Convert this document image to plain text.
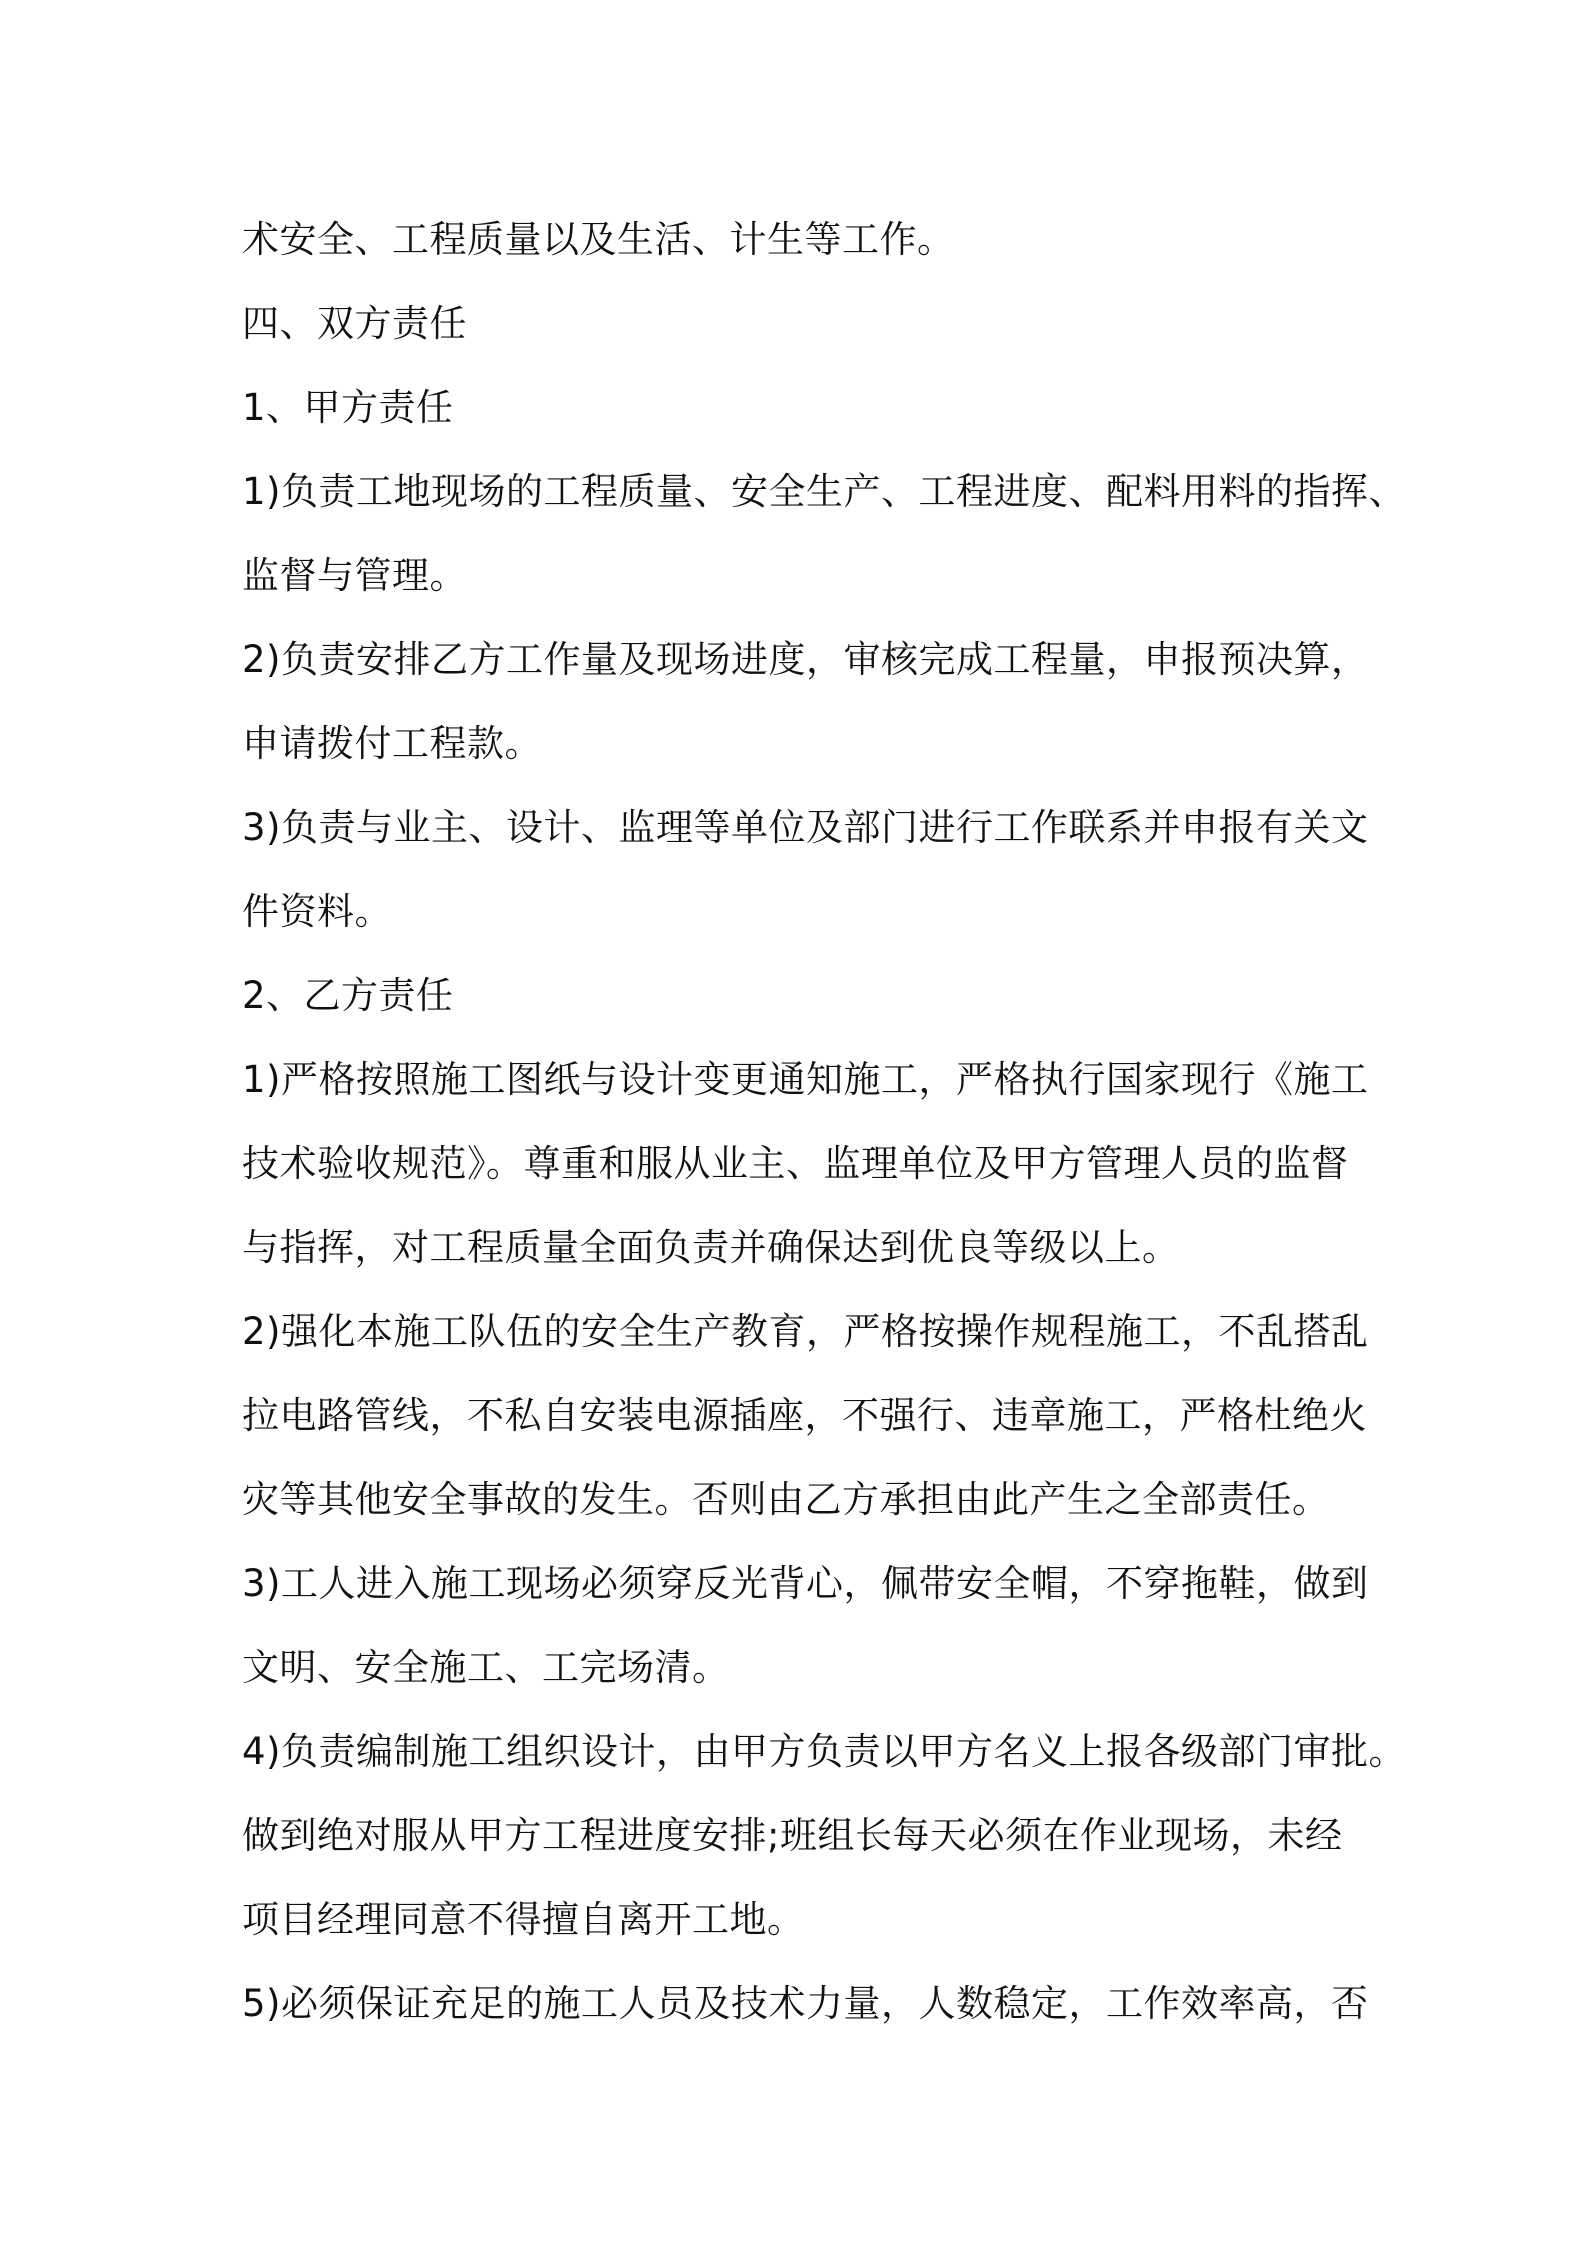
术安全、工程质量以及生活、计生等工作。
四、双方责任
1、甲方责任
1)负责工地现场的工程质量、安全生产、工程进度、配料用料的指挥、
监督与管理。
2)负责安排乙方工作量及现场进度，审核完成工程量，申报预决算，
申请拨付工程款。
3)负责与业主、设计、监理等单位及部门进行工作联系并申报有关文
件资料。
2、乙方责任
1)严格按照施工图纸与设计变更通知施工，严格执行国家现行《施工
技术验收规范》。尊重和服从业主、监理单位及甲方管理人员的监督
与指挥，对工程质量全面负责并确保达到优良等级以上。
2)强化本施工队伍的安全生产教育，严格按操作规程施工，不乱搭乱
拉电路管线，不私自安装电源插座，不强行、违章施工，严格杜绝火
灾等其他安全事故的发生。否则由乙方承担由此产生之全部责任。
3)工人进入施工现场必须穿反光背心，佩带安全帽，不穿拖鞋，做到
文明、安全施工、工完场清。
4)负责编制施工组织设计，由甲方负责以甲方名义上报各级部门审批。
做到绝对服从甲方工程进度安排;班组长每天必须在作业现场，未经
项目经理同意不得擅自离开工地。
5)必须保证充足的施工人员及技术力量，人数稳定，工作效率高，否
